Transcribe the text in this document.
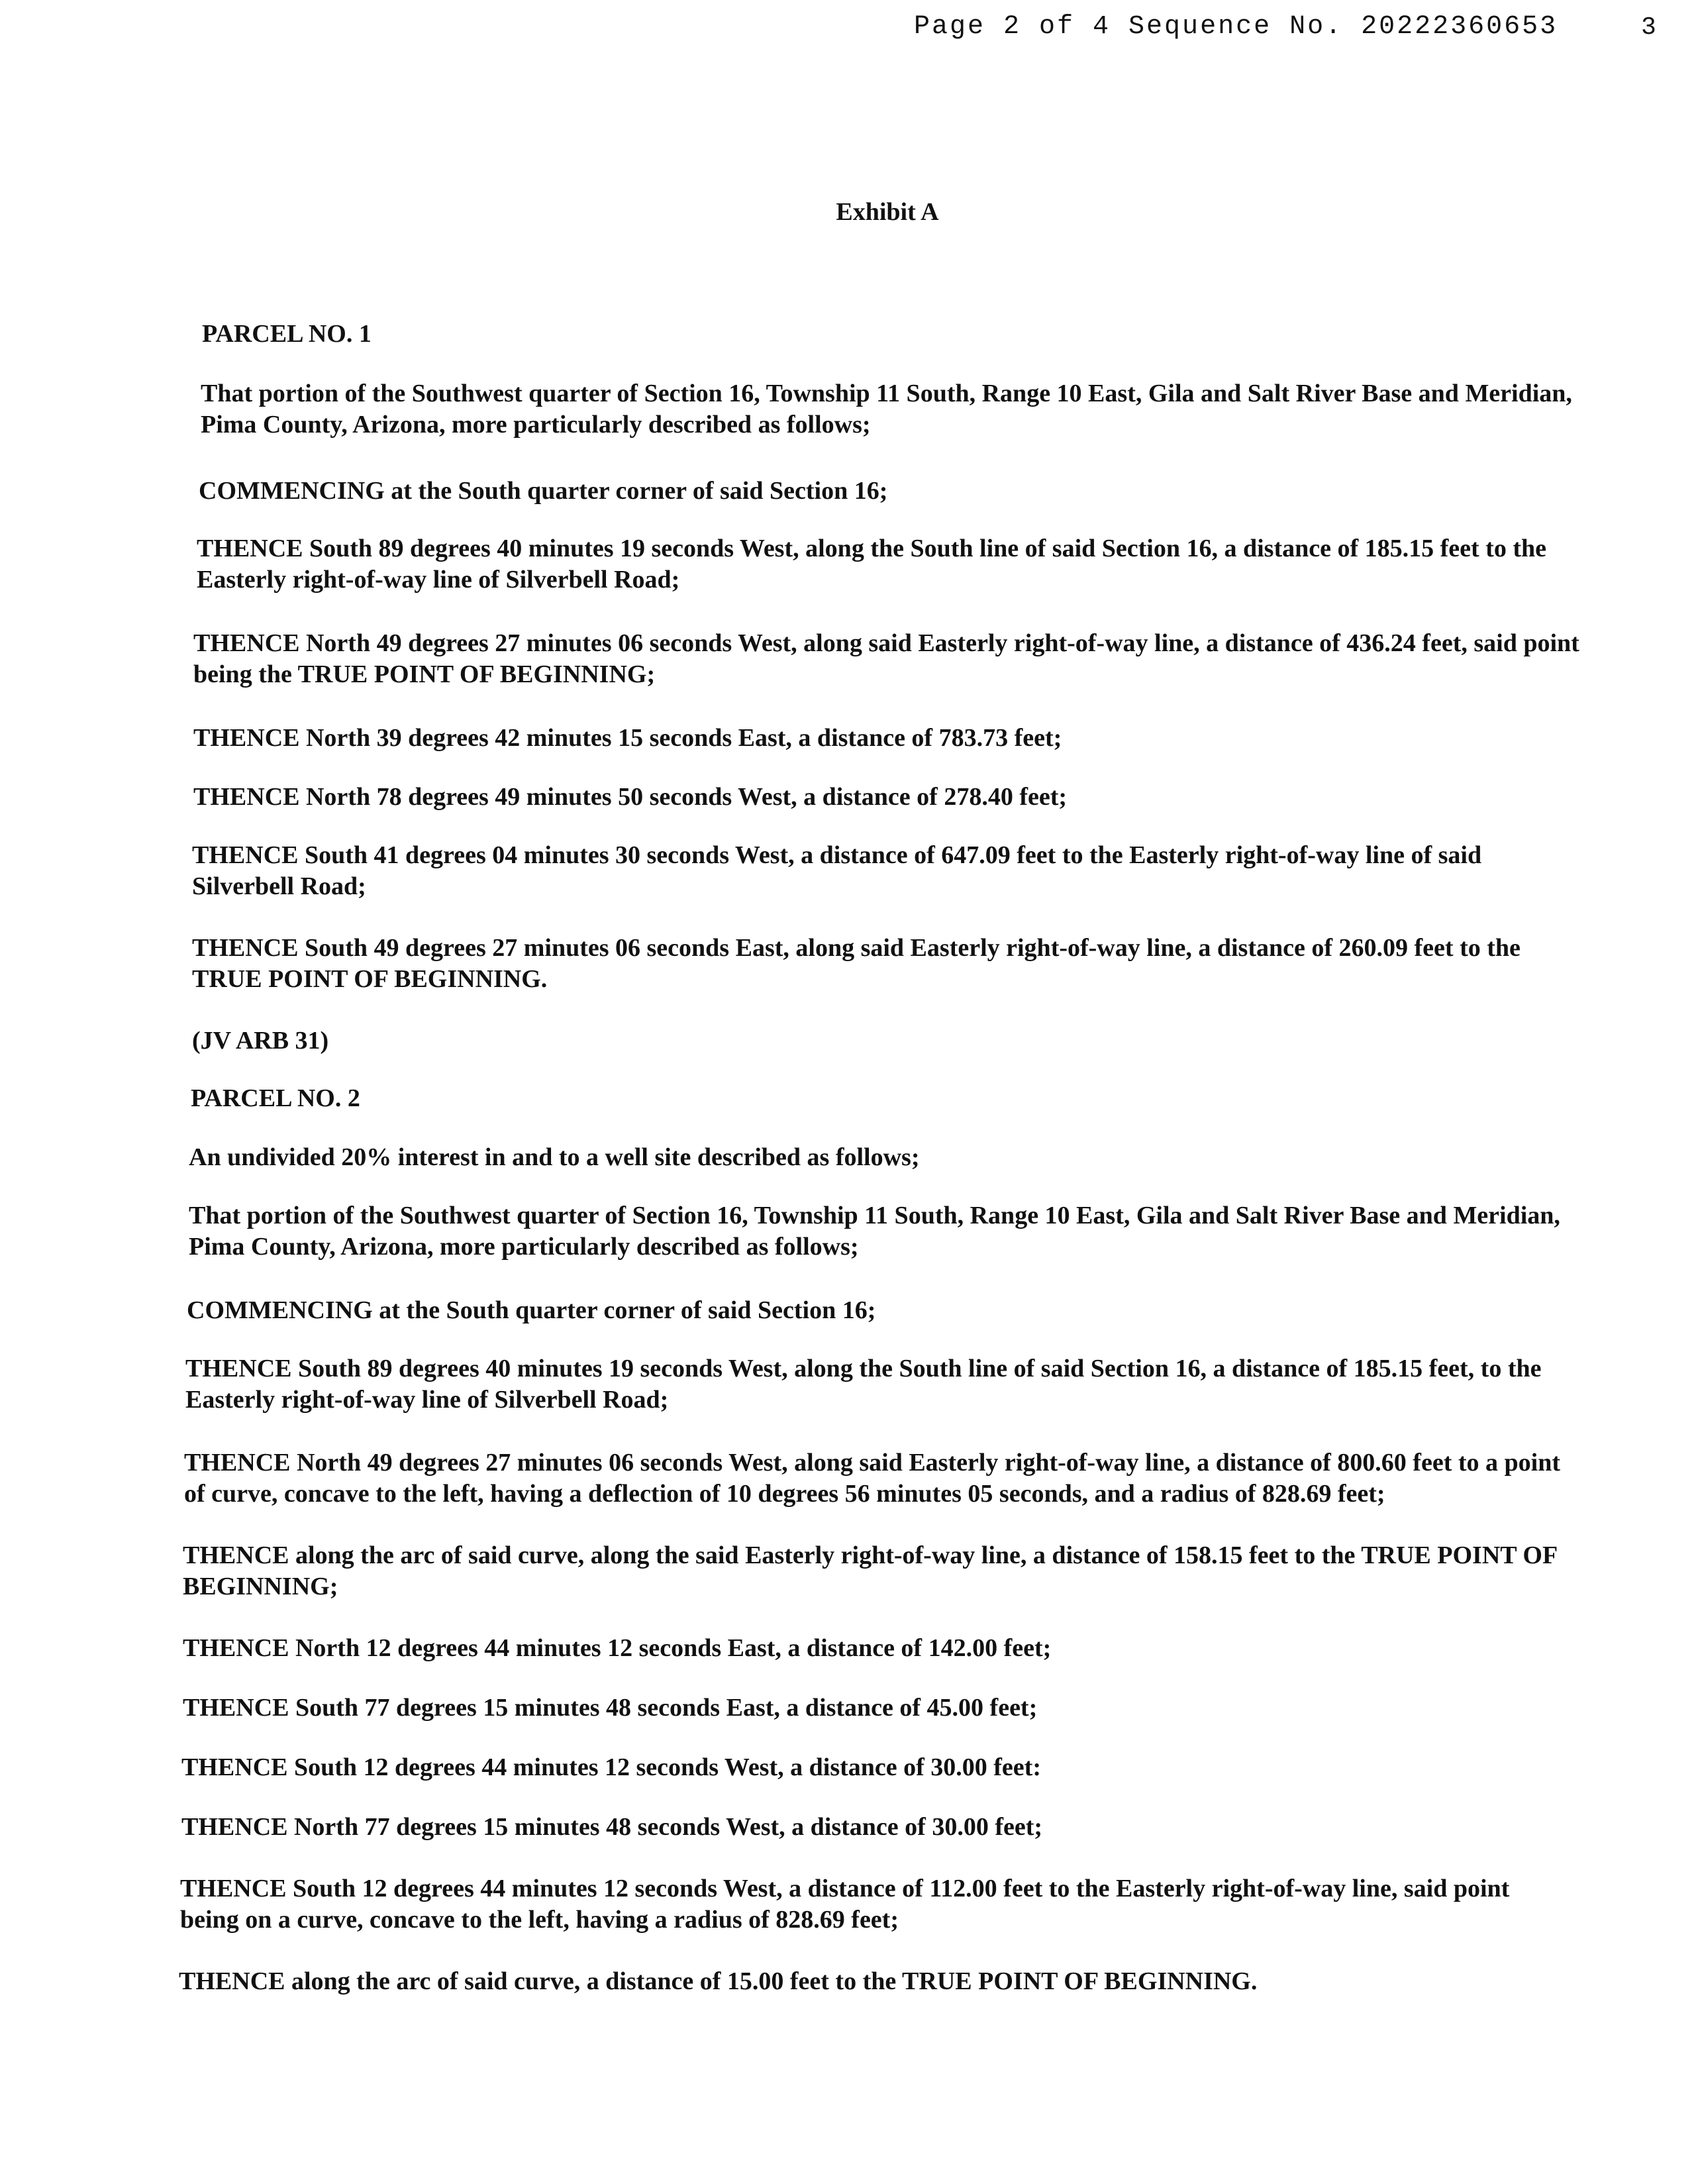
Page 2 of 4 Sequence No. 20222360653	3
Exhibit A

PARCEL NO. 1

That portion of the Southwest quarter of Section 16, Township 11 South, Range 10 East, Gila and Salt River Base and Meridian, Pima County, Arizona, more particularly described as follows;

COMMENCING at the South quarter corner of said Section 16;

THENCE South 89 degrees 40 minutes 19 seconds West, along the South line of said Section 16, a distance of 185.15 feet to the Easterly right-of-way line of Silverbell Road;

THENCE North 49 degrees 27 minutes 06 seconds West, along said Easterly right-of-way line, a distance of 436.24 feet, said point being the TRUE POINT OF BEGINNING;

THENCE North 39 degrees 42 minutes 15 seconds East, a distance of 783.73 feet;

THENCE North 78 degrees 49 minutes 50 seconds West, a distance of 278.40 feet;

THENCE South 41 degrees 04 minutes 30 seconds West, a distance of 647.09 feet to the Easterly right-of-way line of said Silverbell Road;

THENCE South 49 degrees 27 minutes 06 seconds East, along said Easterly right-of-way line, a distance of 260.09 feet to the TRUE POINT OF BEGINNING.

(JV ARB 31)

PARCEL NO. 2

An undivided 20% interest in and to a well site described as follows;

That portion of the Southwest quarter of Section 16, Township 11 South, Range 10 East, Gila and Salt River Base and Meridian, Pima County, Arizona, more particularly described as follows;

COMMENCING at the South quarter corner of said Section 16;

THENCE South 89 degrees 40 minutes 19 seconds West, along the South line of said Section 16, a distance of 185.15 feet, to the Easterly right-of-way line of Silverbell Road;

THENCE North 49 degrees 27 minutes 06 seconds West, along said Easterly right-of-way line, a distance of 800.60 feet to a point of curve, concave to the left, having a deflection of 10 degrees 56 minutes 05 seconds, and a radius of 828.69 feet;

THENCE along the arc of said curve, along the said Easterly right-of-way line, a distance of 158.15 feet to the TRUE POINT OF BEGINNING;

THENCE North 12 degrees 44 minutes 12 seconds East, a distance of 142.00 feet;

THENCE South 77 degrees 15 minutes 48 seconds East, a distance of 45.00 feet;

THENCE South 12 degrees 44 minutes 12 seconds West, a distance of 30.00 feet:

THENCE North 77 degrees 15 minutes 48 seconds West, a distance of 30.00 feet;

THENCE South 12 degrees 44 minutes 12 seconds West, a distance of 112.00 feet to the Easterly right-of-way line, said point being on a curve, concave to the left, having a radius of 828.69 feet;

THENCE along the arc of said curve, a distance of 15.00 feet to the TRUE POINT OF BEGINNING.
